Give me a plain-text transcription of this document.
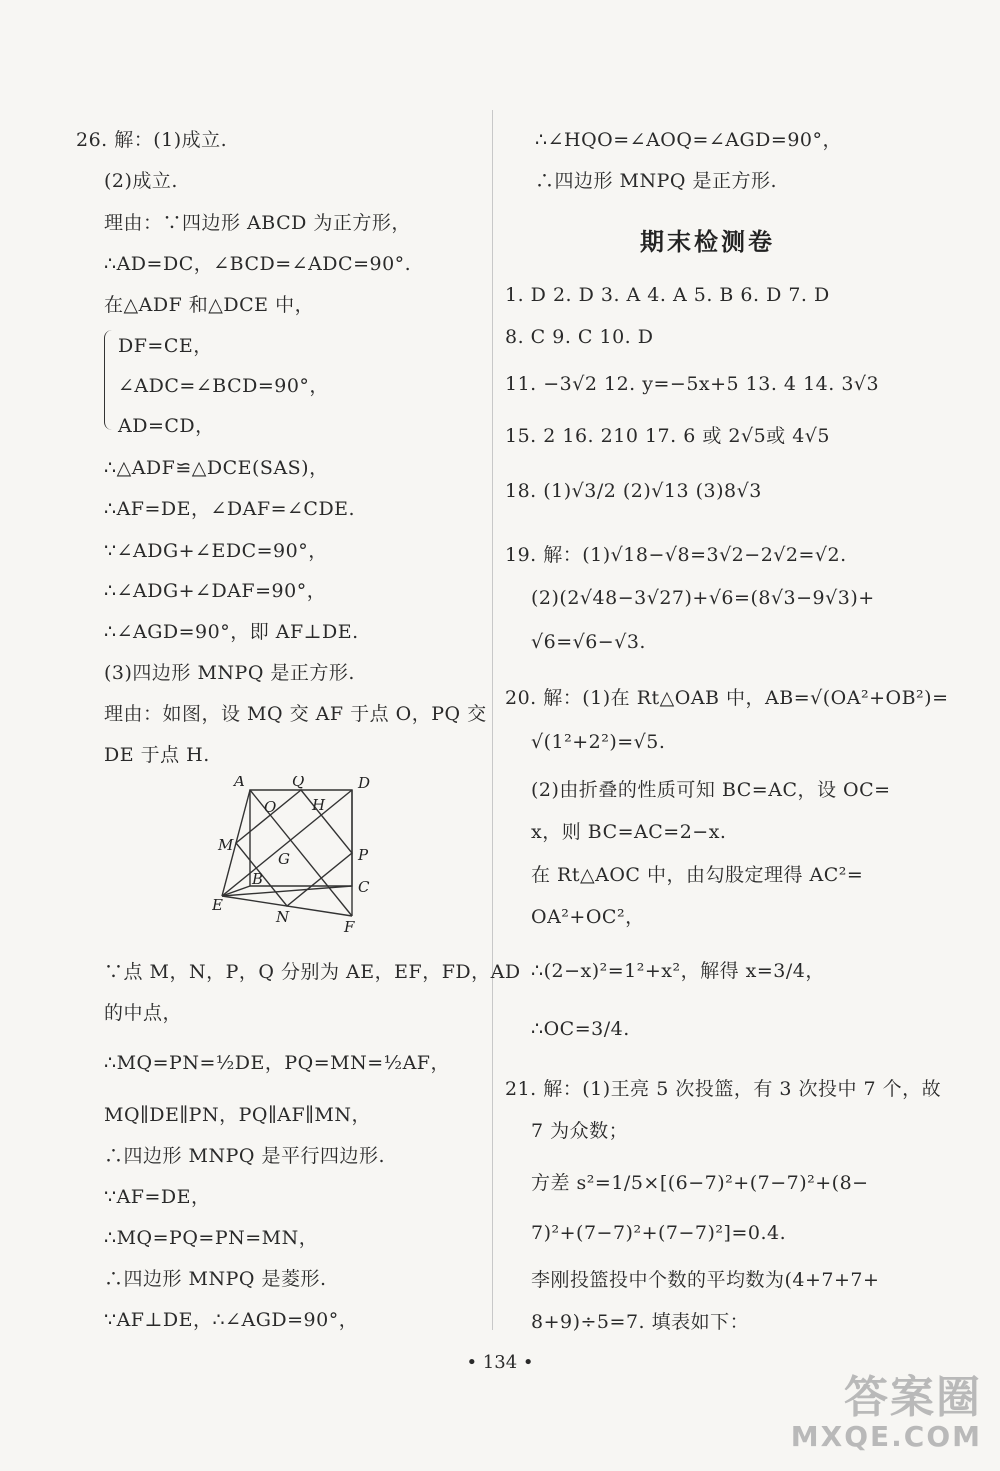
26. 解：(1)成立.
(2)成立.
理由：∵四边形 ABCD 为正方形，
∴AD=DC，∠BCD=∠ADC=90°.
在△ADF 和△DCE 中，
DF=CE，
∠ADC=∠BCD=90°，
AD=CD，
∴△ADF≌△DCE(SAS)，
∴AF=DE，∠DAF=∠CDE.
∵∠ADG+∠EDC=90°，
∴∠ADG+∠DAF=90°，
∴∠AGD=90°，即 AF⊥DE.
(3)四边形 MNPQ 是正方形.
理由：如图，设 MQ 交 AF 于点 O，PQ 交
DE 于点 H.
∵点 M，N，P，Q 分别为 AE，EF，FD，AD
的中点，
∴MQ=PN=½DE，PQ=MN=½AF，
MQ∥DE∥PN，PQ∥AF∥MN，
∴四边形 MNPQ 是平行四边形.
∵AF=DE，
∴MQ=PQ=PN=MN，
∴四边形 MNPQ 是菱形.
∵AF⊥DE，∴∠AGD=90°，
A	Q
H
D
M
O
G	P
B	C
E
N
F
∴∠HQO=∠AOQ=∠AGD=90°，
∴四边形 MNPQ 是正方形.
期末检测卷
1. D 2. D 3. A 4. A 5. B 6. D 7. D
8. C 9. C 10. D
11. −3√2 12. y=−5x+5 13. 4 14. 3√3
15. 2 16. 210 17. 6 或 2√5或 4√5
18. (1)√3/2 (2)√13 (3)8√3
19. 解：(1)√18−√8=3√2−2√2=√2.
(2)(2√48−3√27)+√6=(8√3−9√3)+
√6=√6−√3.
20. 解：(1)在 Rt△OAB 中，AB=√(OA²+OB²)=
√(1²+2²)=√5.
(2)由折叠的性质可知 BC=AC，设 OC=
x，则 BC=AC=2−x.
在 Rt△AOC 中，由勾股定理得 AC²=
OA²+OC²，
∴(2−x)²=1²+x²，解得 x=3/4，
∴OC=3/4.
21. 解：(1)王亮 5 次投篮，有 3 次投中 7 个，故
7 为众数；
方差 s²=1/5×[(6−7)²+(7−7)²+(8−
7)²+(7−7)²+(7−7)²]=0.4.
李刚投篮投中个数的平均数为(4+7+7+
8+9)÷5=7. 填表如下：
• 134 •
答案圈
MXQE.COM
